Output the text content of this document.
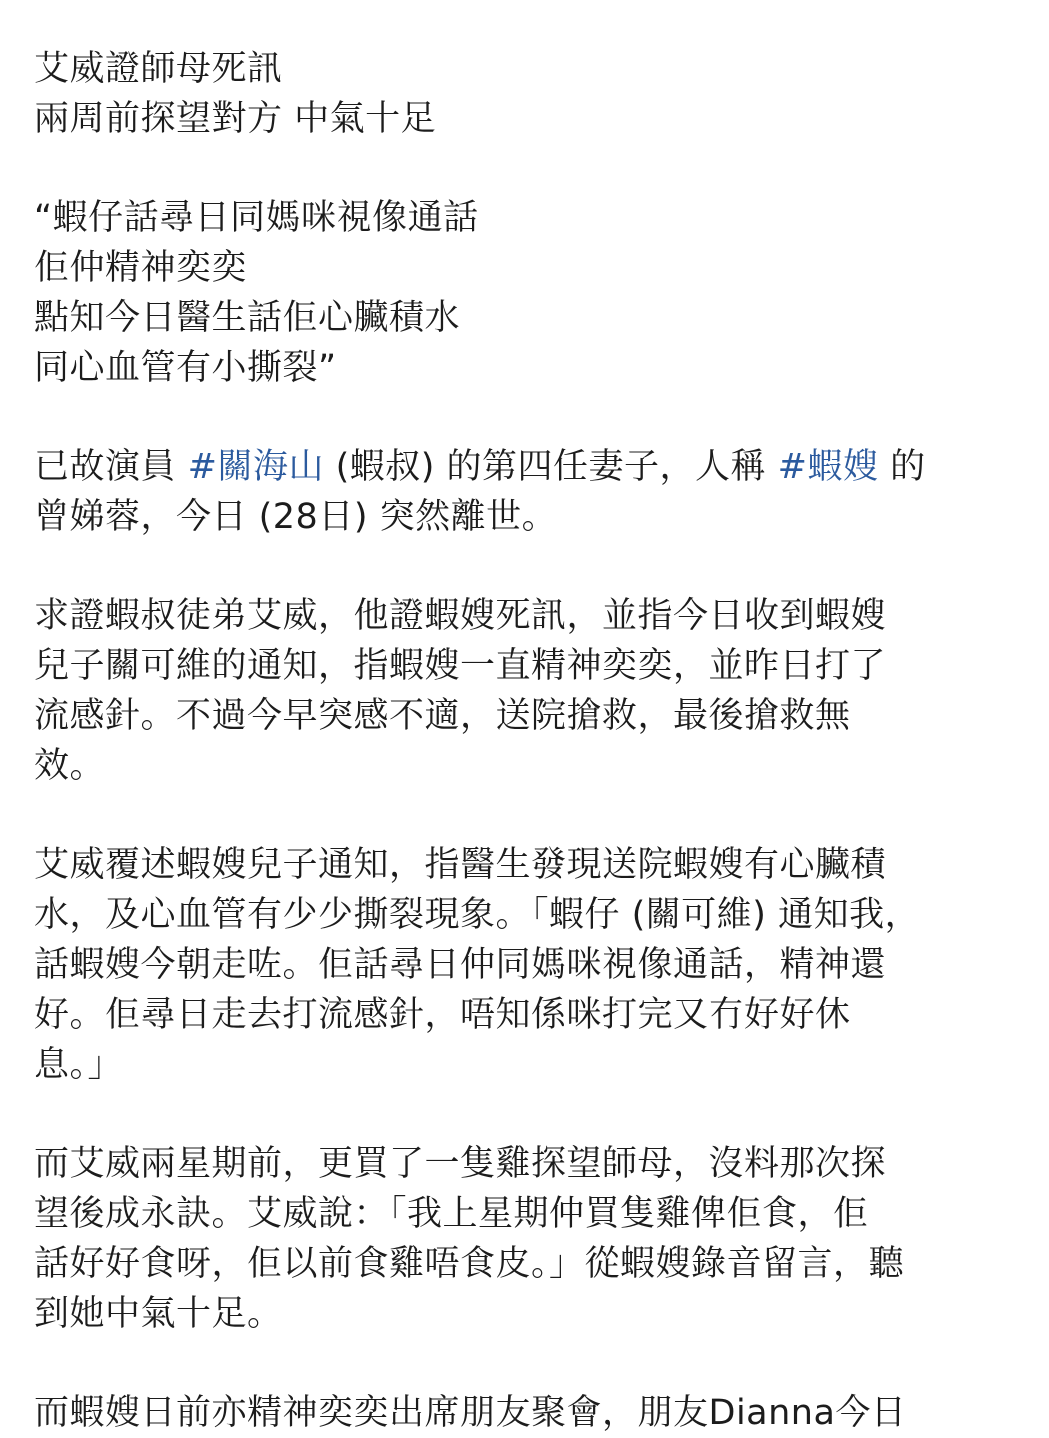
艾威證師母死訊
兩周前探望對方 中氣十足
“蝦仔話尋日同媽咪視像通話
佢仲精神奕奕
點知今日醫生話佢心臟積水
同心血管有小撕裂”
已故演員 #關海山 (蝦叔) 的第四任妻子，人稱 #蝦嫂 的
曾娣蓉，今日 (28日) 突然離世。
求證蝦叔徒弟艾威，他證蝦嫂死訊，並指今日收到蝦嫂
兒子關可維的通知，指蝦嫂一直精神奕奕，並昨日打了
流感針。不過今早突感不適，送院搶救，最後搶救無
效。
艾威覆述蝦嫂兒子通知，指醫生發現送院蝦嫂有心臟積
水，及心血管有少少撕裂現象。「蝦仔 (關可維) 通知我，
話蝦嫂今朝走咗。佢話尋日仲同媽咪視像通話，精神還
好。佢尋日走去打流感針，唔知係咪打完又冇好好休
息。」
而艾威兩星期前，更買了一隻雞探望師母，沒料那次探
望後成永訣。艾威說：「我上星期仲買隻雞俾佢食，佢
話好好食呀，佢以前食雞唔食皮。」從蝦嫂錄音留言，聽
到她中氣十足。
而蝦嫂日前亦精神奕奕出席朋友聚會，朋友Dianna今日
